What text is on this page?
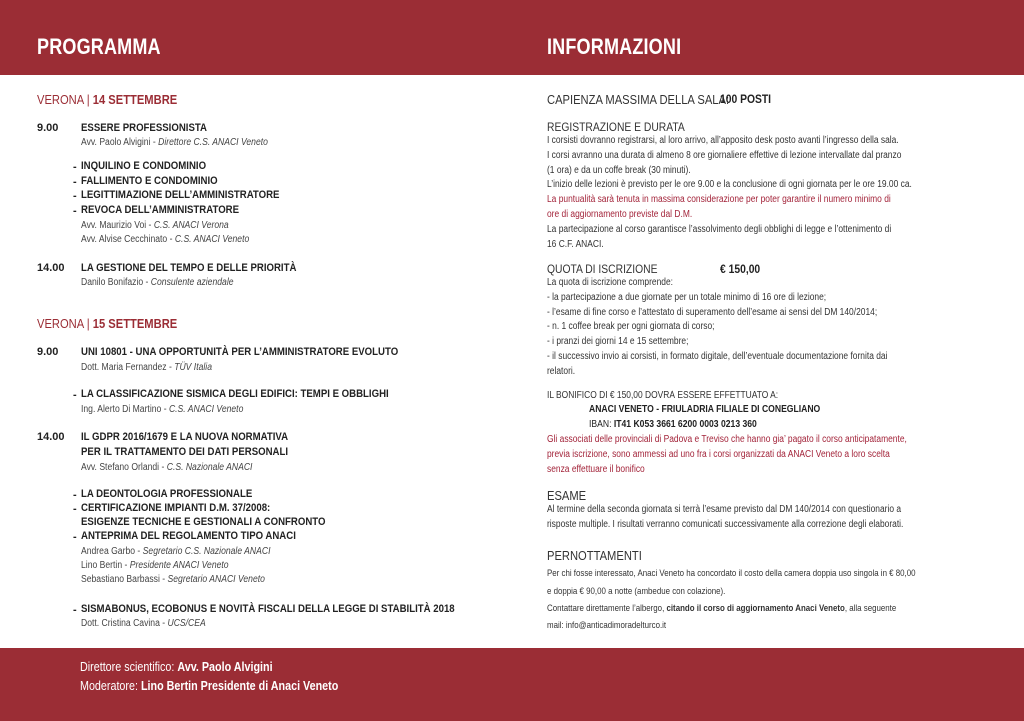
PROGRAMMA	INFORMAZIONI
VERONA | 14 SETTEMBRE
9.00 ESSERE PROFESSIONISTA
Avv. Paolo Alvigini - Direttore C.S. ANACI Veneto
- INQUILINO E CONDOMINIO
- FALLIMENTO E CONDOMINIO
- LEGITTIMAZIONE DELL’AMMINISTRATORE
- REVOCA DELL’AMMINISTRATORE
Avv. Maurizio Voi - C.S. ANACI Verona
Avv. Alvise Cecchinato - C.S. ANACI Veneto
14.00 LA GESTIONE DEL TEMPO E DELLE PRIORITÀ
Danilo Bonifazio - Consulente aziendale
VERONA | 15 SETTEMBRE
9.00 UNI 10801 - UNA OPPORTUNITÀ PER L’AMMINISTRATORE EVOLUTO
Dott. Maria Fernandez - TÜV Italia
- LA CLASSIFICAZIONE SISMICA DEGLI EDIFICI: TEMPI E OBBLIGHI
Ing. Alerto Di Martino - C.S. ANACI Veneto
14.00 IL GDPR 2016/1679 E LA NUOVA NORMATIVA
PER IL TRATTAMENTO DEI DATI PERSONALI
Avv. Stefano Orlandi - C.S. Nazionale ANACI
- LA DEONTOLOGIA PROFESSIONALE
- CERTIFICAZIONE IMPIANTI D.M. 37/2008:
ESIGENZE TECNICHE E GESTIONALI A CONFRONTO
- ANTEPRIMA DEL REGOLAMENTO TIPO ANACI
Andrea Garbo - Segretario C.S. Nazionale ANACI
Lino Bertin - Presidente ANACI Veneto
Sebastiano Barbassi - Segretario ANACI Veneto
- SISMABONUS, ECOBONUS E NOVITÀ FISCALI DELLA LEGGE DI STABILITÀ 2018
Dott. Cristina Cavina - UCS/CEA
CAPIENZA MASSIMA DELLA SALA:
100 POSTI
REGISTRAZIONE E DURATA
I corsisti dovranno registrarsi, al loro arrivo, all’apposito desk posto avanti l’ingresso della sala.
I corsi avranno una durata di almeno 8 ore giornaliere effettive di lezione intervallate dal pranzo
(1 ora) e da un coffe break (30 minuti).
L’inizio delle lezioni è previsto per le ore 9.00 e la conclusione di ogni giornata per le ore 19.00 ca.
La puntualità sarà tenuta in massima considerazione per poter garantire il numero minimo di
ore di aggiornamento previste dal D.M.
La partecipazione al corso garantisce l’assolvimento degli obblighi di legge e l’ottenimento di
16 C.F. ANACI.
QUOTA DI ISCRIZIONE	€ 150,00
La quota di iscrizione comprende:
- la partecipazione a due giornate per un totale minimo di 16 ore di lezione;
- l’esame di fine corso e l’attestato di superamento dell’esame ai sensi del DM 140/2014;
- n. 1 coffee break per ogni giornata di corso;
- i pranzi dei giorni 14 e 15 settembre;
- il successivo invio ai corsisti, in formato digitale, dell’eventuale documentazione fornita dai
relatori.
IL BONIFICO DI € 150,00 DOVRÀ ESSERE EFFETTUATO A:
ANACI VENETO - FRIULADRIA FILIALE DI CONEGLIANO
IBAN: IT41 K053 3661 6200 0003 0213 360
Gli associati delle provinciali di Padova e Treviso che hanno gia’ pagato il corso anticipatamente,
previa iscrizione, sono ammessi ad uno fra i corsi organizzati da ANACI Veneto a loro scelta
senza effettuare il bonifico
ESAME
Al termine della seconda giornata si terrà l’esame previsto dal DM 140/2014 con questionario a
risposte multiple. I risultati verranno comunicati successivamente alla correzione degli elaborati.
PERNOTTAMENTI
Per chi fosse interessato, Anaci Veneto ha concordato il costo della camera doppia uso singola in € 80,00
e doppia € 90,00 a notte (ambedue con colazione).
Contattare direttamente l’albergo, citando il corso di aggiornamento Anaci Veneto, alla seguente
mail: info@anticadimoradelturco.it
Direttore scientifico: Avv. Paolo Alvigini
Moderatore: Lino Bertin Presidente di Anaci Veneto
